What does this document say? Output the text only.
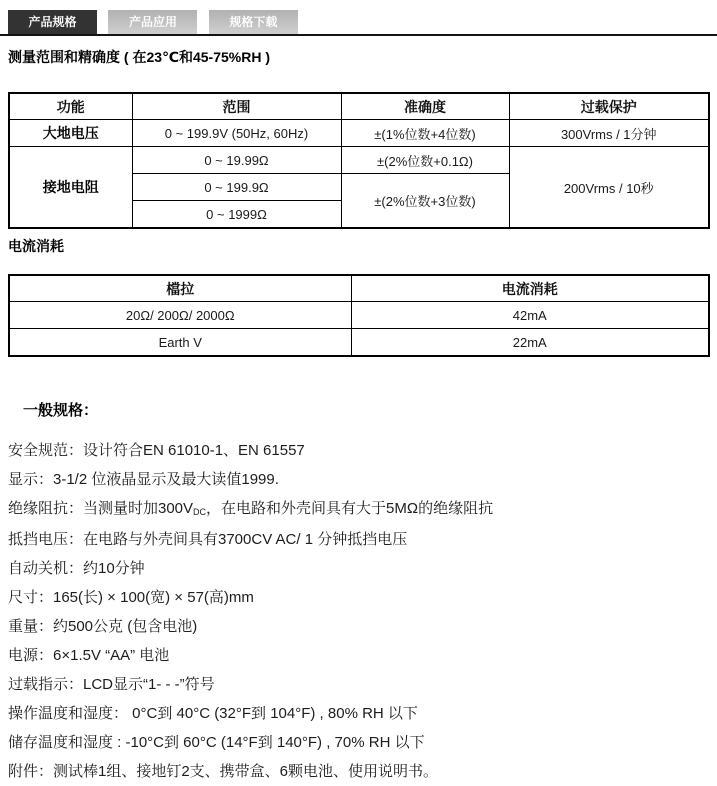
产品规格	产品应用	规格下载
测量范围和精确度 ( 在23℃和45-75%RH )
功能	范围	准确度	过载保护
大地电压	0 ~ 199.9V (50Hz, 60Hz)	±(1%位数+4位数)	300Vrms / 1分钟
接地电阻	0 ~ 19.99Ω	±(2%位数+0.1Ω)	200Vrms / 10秒
	0 ~ 199.9Ω	±(2%位数+3位数)	
	0 ~ 1999Ω		
电流消耗
檔拉	电流消耗
20Ω/ 200Ω/ 2000Ω	42mA
Earth V	22mA
一般规格：
安全规范：设计符合EN 61010-1、EN 61557
显示：3-1/2 位液晶显示及最大读值1999.
绝缘阻抗：当测量时加$300V_{DC}$，在电路和外壳间具有大于5MΩ的绝缘阻抗
抵挡电压：在电路与外壳间具有3700CV AC/ 1 分钟抵挡电压
自动关机：约10分钟
尺寸：165(长) × 100(宽) × 57(高)mm
重量：约500公克 (包含电池)
电源：6×1.5V “AA” 电池
过载指示：LCD显示“1- - -”符号
操作温度和湿度： 0°C到 40°C (32°F到 104°F) , 80% RH 以下
储存温度和湿度 : -10°C到 60°C (14°F到 140°F) , 70% RH 以下
附件：测试棒1组、接地钉2支、携带盒、6颗电池、使用说明书。
